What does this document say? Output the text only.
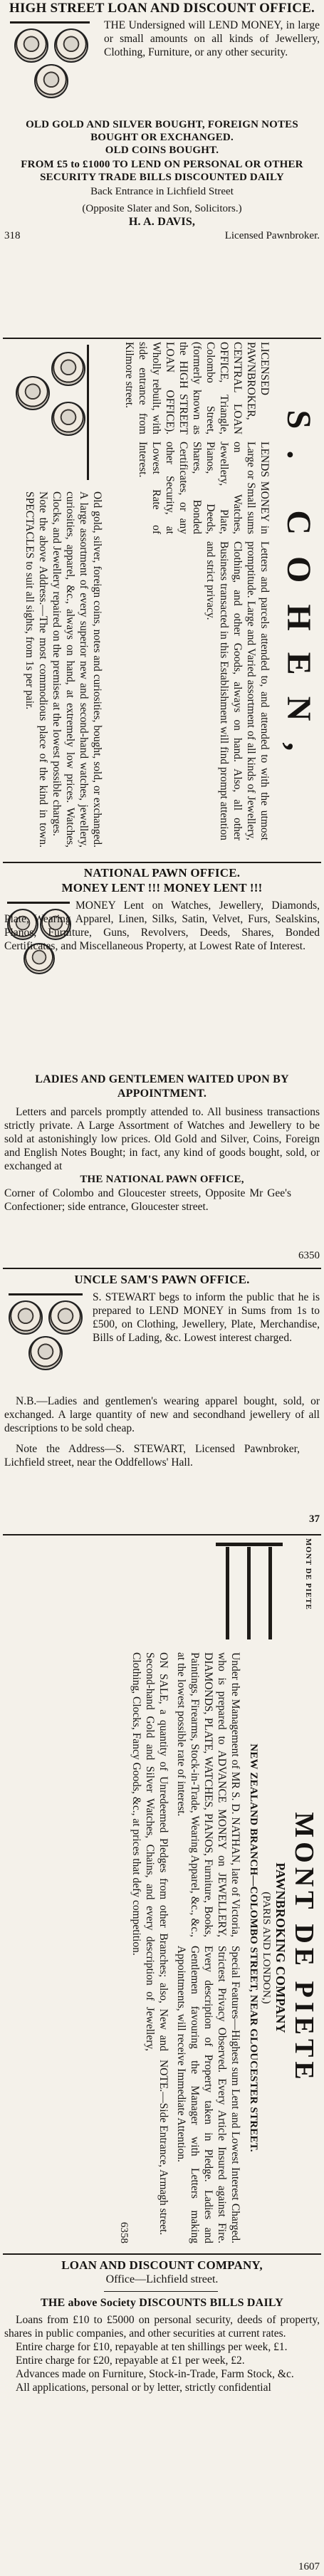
HIGH STREET LOAN AND DISCOUNT OFFICE.

THE Undersigned will LEND MONEY, in large or small amounts on all kinds of Jewellery, Clothing, Furniture, or any other security.

OLD GOLD AND SILVER BOUGHT, FOREIGN NOTES BOUGHT OR EXCHANGED.

OLD COINS BOUGHT.

FROM £5 to £1000 TO LEND ON PERSONAL OR OTHER SECURITY TRADE BILLS DISCOUNTED DAILY

Back Entrance in Lichfield Street

(Opposite Slater and Son, Solicitors.)

H. A. DAVIS,

318	Licensed Pawnbroker.

S. COHEN,

LICENSED PAWNBROKER, CENTRAL LOAN OFFICE, Triangle, Colombo Street, (formerly known as the HIGH STREET LOAN OFFICE). Wholly rebuilt, with side entrance from Kilmore street.

LENDS MONEY in Large or Small sums on Watches, Jewellery, Plate, Pianos, Deeds, Shares, Bonded Certificates, or any other Security, at Lowest Rate of Interest.

Letters and parcels attended to, and attended to with the utmost promptitude. Large and Varied assortment of all kinds of Jewellery, Clothing, and other Goods, always on hand. Also, all other Business transacted in this Establishment will find prompt attention and strict privacy.

Old gold, silver, foreign coins, notes and curiosities, bought, sold, or exchanged. A large assortment of every superior new and second-hand watches, jewellery, curiosities, apparel, &c., always on hand, at extremely low prices. Watches, Clocks, and Jewellery repaired on the premises at the lowest possible charges.

Note the above Address.—The most commodious place of the kind in town. SPECTACLES to suit all sights, from 1s per pair.

NATIONAL PAWN OFFICE.

MONEY LENT !!! MONEY LENT !!!

MONEY Lent on Watches, Jewellery, Diamonds, Plate, Wearing Apparel, Linen, Silks, Satin, Velvet, Furs, Sealskins, Pianos, Furniture, Guns, Revolvers, Deeds, Shares, Bonded Certificates, and Miscellaneous Property, at Lowest Rate of Interest.

LADIES AND GENTLEMEN WAITED UPON BY APPOINTMENT.

Letters and parcels promptly attended to. All business transactions strictly private. A Large Assortment of Watches and Jewellery to be sold at astonishingly low prices. Old Gold and Silver, Coins, Foreign and English Notes Bought; in fact, any kind of goods bought, sold, or exchanged at

THE NATIONAL PAWN OFFICE,

Corner of Colombo and Gloucester streets, Opposite Mr Gee's Confectioner; side entrance, Gloucester street.

6350

UNCLE SAM'S PAWN OFFICE.

S. STEWART begs to inform the public that he is prepared to LEND MONEY in Sums from 1s to £500, on Clothing, Jewellery, Plate, Merchandise, Bills of Lading, &c. Lowest interest charged.

N.B.—Ladies and gentlemen's wearing apparel bought, sold, or exchanged. A large quantity of new and secondhand jewellery of all descriptions to be sold cheap.

Note the Address—S. STEWART, Licensed Pawnbroker, Lichfield street, near the Oddfellows' Hall.

37

MONT DE PIETE

MONT DE PIETE

PAWNBROKING COMPANY

(PARIS AND LONDON,)

NEW ZEALAND BRANCH—COLOMBO STREET, NEAR GLOUCESTER STREET.

Under the Management of MR S. D. NATHAN, late of Victoria, who is prepared to ADVANCE MONEY on JEWELLERY, DIAMONDS, PLATE, WATCHES, PIANOS, Furniture, Books, Paintings, Firearms, Stock-in-Trade, Wearing Apparel, &c., &c., at the lowest possible rate of interest.

Special Features—Highest sum Lent and Lowest Interest Charged. Strictest Privacy Observed. Every Article Insured against Fire. Every description of Property taken in Pledge. Ladies and Gentlemen favouring the Manager with Letters making Appointments, will receive Immediate Attention.

ON SALE, a quantity of Unredeemed Pledges from other Branches; also, New and Second-hand Gold and Silver Watches, Chains, and every description of Jewellery, Clothing, Clocks, Fancy Goods, &c., at prices that defy competition.

NOTE.—Side Entrance, Armagh street.

6358

LOAN AND DISCOUNT COMPANY,

Office—Lichfield street.

THE above Society DISCOUNTS BILLS DAILY

Loans from £10 to £5000 on personal security, deeds of property, shares in public companies, and other securities at current rates.

Entire charge for £10, repayable at ten shillings per week, £1.

Entire charge for £20, repayable at £1 per week, £2.

Advances made on Furniture, Stock-in-Trade, Farm Stock, &c.

All applications, personal or by letter, strictly confidential

1607
